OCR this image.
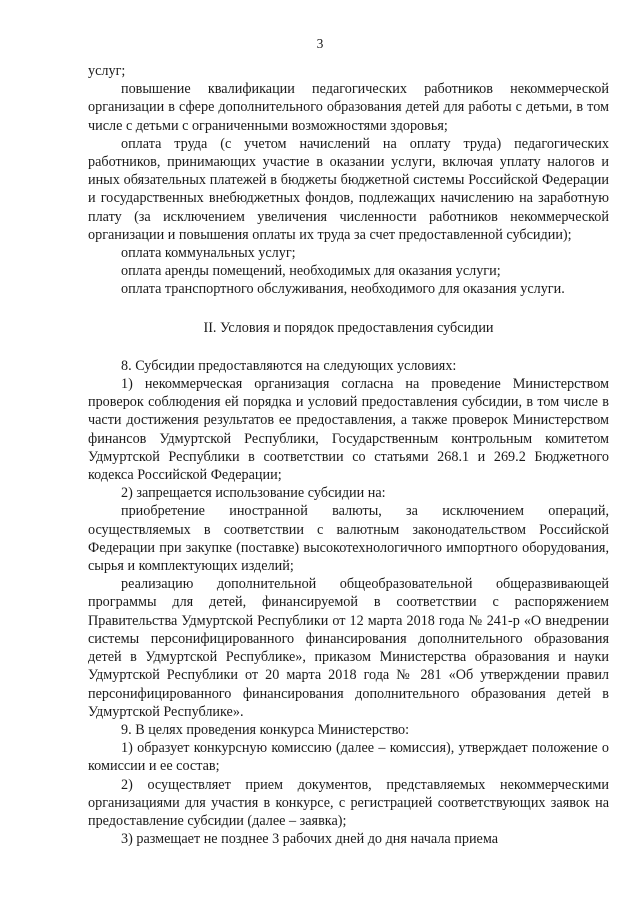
3

услуг;

повышение квалификации педагогических работников некоммерческой организации в сфере дополнительного образования детей для работы с детьми, в том числе с детьми с ограниченными возможностями здоровья;

оплата труда (с учетом начислений на оплату труда) педагогических работников, принимающих участие в оказании услуги, включая уплату налогов и иных обязательных платежей в бюджеты бюджетной системы Российской Федерации и государственных внебюджетных фондов, подлежащих начислению на заработную плату (за исключением увеличения численности работников некоммерческой организации и повышения оплаты их труда за счет предоставленной субсидии);

оплата коммунальных услуг;

оплата аренды помещений, необходимых для оказания услуги;

оплата транспортного обслуживания, необходимого для оказания услуги.

II. Условия и порядок предоставления субсидии

8. Субсидии предоставляются на следующих условиях:

1) некоммерческая организация согласна на проведение Министерством проверок соблюдения ей порядка и условий предоставления субсидии, в том числе в части достижения результатов ее предоставления, а также проверок Министерством финансов Удмуртской Республики, Государственным контрольным комитетом Удмуртской Республики в соответствии со статьями 268.1 и 269.2 Бюджетного кодекса Российской Федерации;

2) запрещается использование субсидии на:

приобретение иностранной валюты, за исключением операций, осуществляемых в соответствии с валютным законодательством Российской Федерации при закупке (поставке) высокотехнологичного импортного оборудования, сырья и комплектующих изделий;

реализацию дополнительной общеобразовательной общеразвивающей программы для детей, финансируемой в соответствии с распоряжением Правительства Удмуртской Республики от 12 марта 2018 года № 241-р «О внедрении системы персонифицированного финансирования дополнительного образования детей в Удмуртской Республике», приказом Министерства образования и науки Удмуртской Республики от 20 марта 2018 года № 281 «Об утверждении правил персонифицированного финансирования дополнительного образования детей в Удмуртской Республике».

9. В целях проведения конкурса Министерство:

1) образует конкурсную комиссию (далее – комиссия), утверждает положение о комиссии и ее состав;

2) осуществляет прием документов, представляемых некоммерческими организациями для участия в конкурсе, с регистрацией соответствующих заявок на предоставление субсидии (далее – заявка);

3) размещает не позднее 3 рабочих дней до дня начала приема
